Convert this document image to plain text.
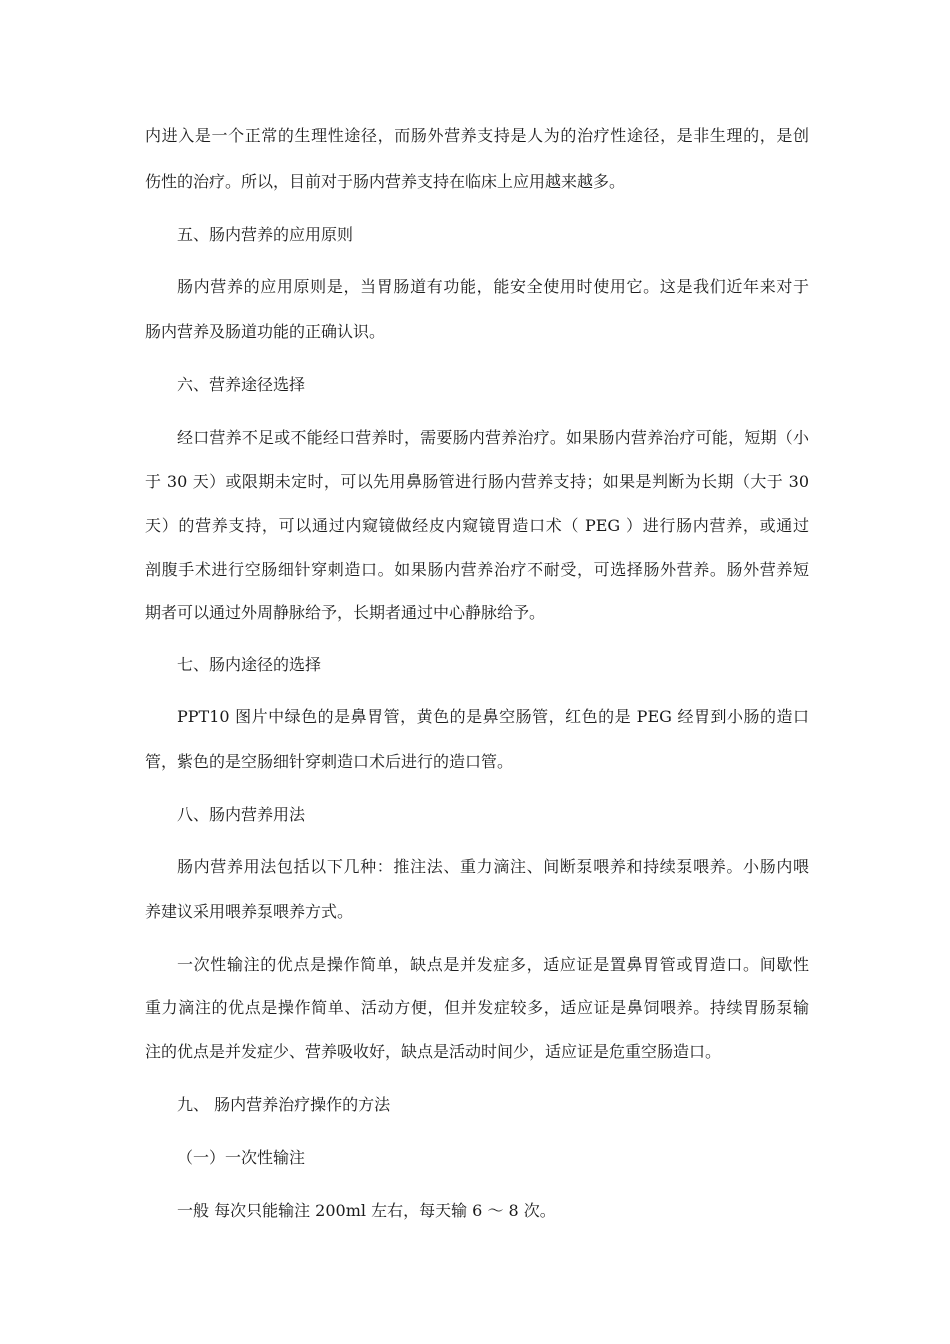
内进入是一个正常的生理性途径，而肠外营养支持是人为的治疗性途径，是非生理的，是创
伤性的治疗。所以，目前对于肠内营养支持在临床上应用越来越多。
五、肠内营养的应用原则
肠内营养的应用原则是，当胃肠道有功能，能安全使用时使用它。这是我们近年来对于
肠内营养及肠道功能的正确认识。
六、营养途径选择
经口营养不足或不能经口营养时，需要肠内营养治疗。如果肠内营养治疗可能，短期（小
于 30 天）或限期未定时，可以先用鼻肠管进行肠内营养支持；如果是判断为长期（大于 30
天）的营养支持，可以通过内窥镜做经皮内窥镜胃造口术（ PEG ）进行肠内营养，或通过
剖腹手术进行空肠细针穿刺造口。如果肠内营养治疗不耐受，可选择肠外营养。肠外营养短
期者可以通过外周静脉给予，长期者通过中心静脉给予。
七、肠内途径的选择
PPT10 图片中绿色的是鼻胃管，黄色的是鼻空肠管，红色的是 PEG 经胃到小肠的造口
管，紫色的是空肠细针穿刺造口术后进行的造口管。
八、肠内营养用法
肠内营养用法包括以下几种：推注法、重力滴注、间断泵喂养和持续泵喂养。小肠内喂
养建议采用喂养泵喂养方式。
一次性输注的优点是操作简单，缺点是并发症多，适应证是置鼻胃管或胃造口。间歇性
重力滴注的优点是操作简单、活动方便，但并发症较多，适应证是鼻饲喂养。持续胃肠泵输
注的优点是并发症少、营养吸收好，缺点是活动时间少，适应证是危重空肠造口。
九、 肠内营养治疗操作的方法
（一）一次性输注
一般 每次只能输注 200ml 左右，每天输 6 ～ 8 次。
